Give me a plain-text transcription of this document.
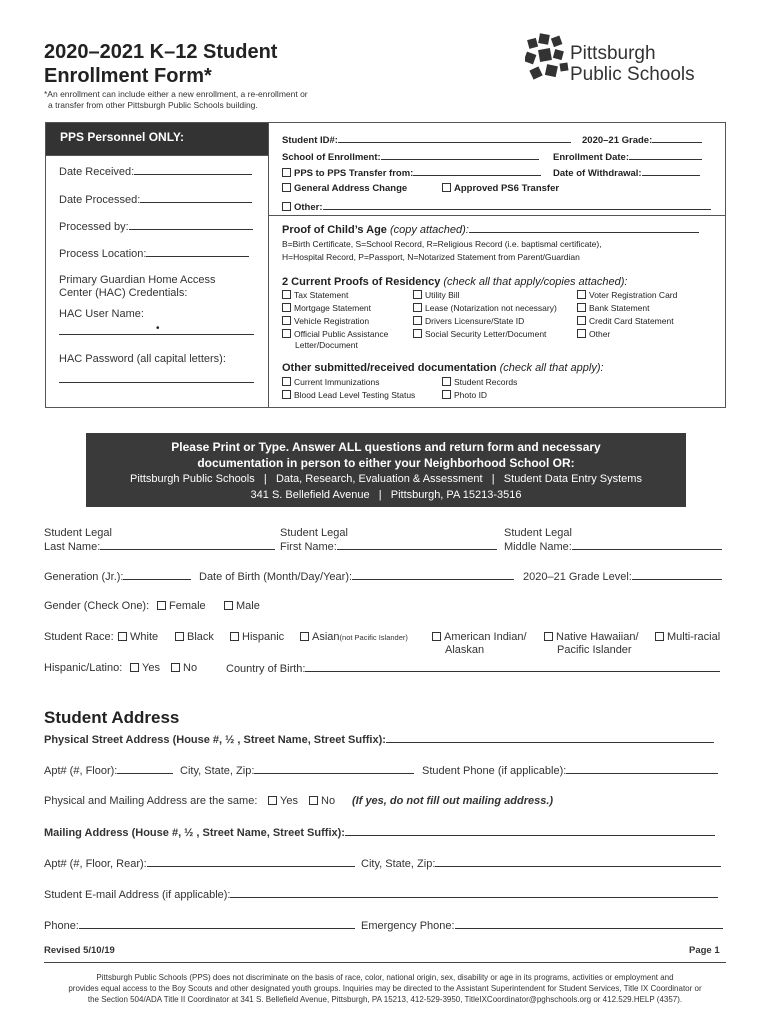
2020–2021 K–12 Student
Enrollment Form*
*An enrollment can include either a new enrollment, a re-enrollment or
a transfer from other Pittsburgh Public Schools building.
Pittsburgh
Public Schools
PPS Personnel ONLY:
Date Received:
Date Processed:
Processed by:
Process Location:
Primary Guardian Home Access
Center (HAC) Credentials:
HAC User Name:
•
HAC Password (all capital letters):
Student ID#:	2020–21 Grade:
School of Enrollment:	Enrollment Date:
PPS to PPS Transfer from:	Date of Withdrawal:
General Address Change	Approved PS6 Transfer
Other:
Proof of Child’s Age (copy attached):
B=Birth Certificate, S=School Record, R=Religious Record (i.e. baptismal certificate),
H=Hospital Record, P=Passport, N=Notarized Statement from Parent/Guardian
2 Current Proofs of Residency (check all that apply/copies attached):
Tax Statement	Utility Bill	Voter Registration Card
Mortgage Statement	Lease (Notarization not necessary)	Bank Statement
Vehicle Registration	Drivers Licensure/State ID	Credit Card Statement
Official Public Assistance	Social Security Letter/Document	Other
Letter/Document
Other submitted/received documentation (check all that apply):
Current Immunizations	Student Records
Blood Lead Level Testing Status	Photo ID
Please Print or Type. Answer ALL questions and return form and necessary
documentation in person to either your Neighborhood School OR:
Pittsburgh Public Schools   |   Data, Research, Evaluation & Assessment   |   Student Data Entry Systems
341 S. Bellefield Avenue   |   Pittsburgh, PA 15213-3516
Student Legal
Last Name:
Student Legal
First Name:
Student Legal
Middle Name:
Generation (Jr.):	Date of Birth (Month/Day/Year):	2020–21 Grade Level:
Gender (Check One):	Female	Male
Student Race:	White	Black	Hispanic	Asian(not Pacific Islander)	American Indian/
Alaskan
Native Hawaiian/
Pacific Islander
Multi-racial
Hispanic/Latino:	Yes	No	Country of Birth:
Student Address
Physical Street Address (House #, ½ , Street Name, Street Suffix):
Apt# (#, Floor):	City, State, Zip:	Student Phone (if applicable):
Physical and Mailing Address are the same:	Yes	No (If yes, do not fill out mailing address.)
Mailing Address (House #, ½ , Street Name, Street Suffix):
Apt# (#, Floor, Rear):	City, State, Zip:
Student E-mail Address (if applicable):
Phone:	Emergency Phone:
Revised 5/10/19	Page 1
Pittsburgh Public Schools (PPS) does not discriminate on the basis of race, color, national origin, sex, disability or age in its programs, activities or employment and
provides equal access to the Boy Scouts and other designated youth groups. Inquiries may be directed to the Assistant Superintendent for Student Services, Title IX Coordinator or
the Section 504/ADA Title II Coordinator at 341 S. Bellefield Avenue, Pittsburgh, PA 15213, 412-529-3950, TitleIXCoordinator@pghschools.org or 412.529.HELP (4357).
